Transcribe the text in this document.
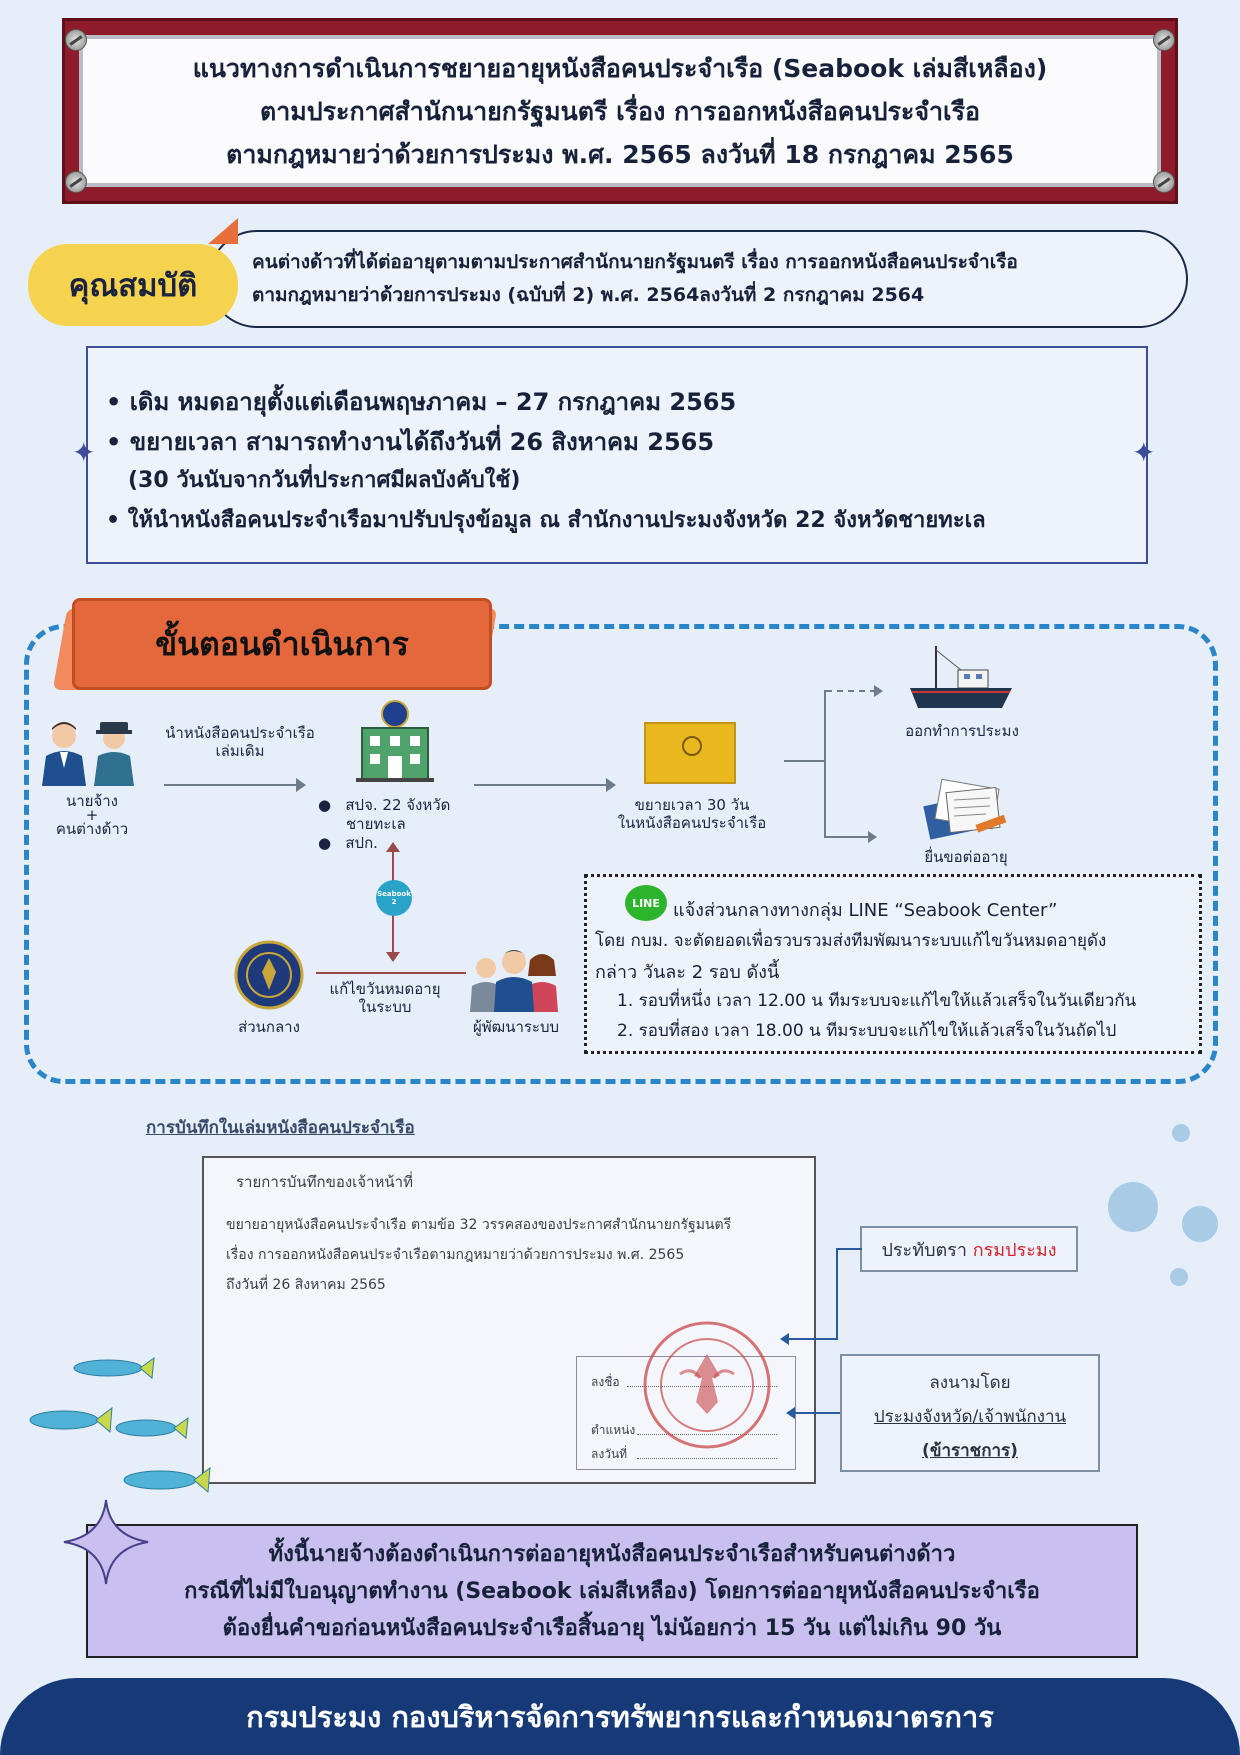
แนวทางการดำเนินการชยายอายุหนังสือคนประจำเรือ (Seabook เล่มสีเหลือง)
ตามประกาศสำนักนายกรัฐมนตรี เรื่อง การออกหนังสือคนประจำเรือ
ตามกฎหมายว่าด้วยการประมง พ.ศ. 2565 ลงวันที่ 18 กรกฎาคม 2565
คนต่างด้าวที่ได้ต่ออายุตามตามประกาศสำนักนายกรัฐมนตรี เรื่อง การออกหนังสือคนประจำเรือ
ตามกฎหมายว่าด้วยการประมง (ฉบับที่ 2) พ.ศ. 2564ลงวันที่ 2 กรกฎาคม 2564
คุณสมบัติ
• เดิม หมดอายุตั้งแต่เดือนพฤษภาคม – 27 กรกฎาคม 2565
• ขยายเวลา สามารถทำงานได้ถึงวันที่ 26 สิงหาคม 2565
(30 วันนับจากวันที่ประกาศมีผลบังคับใช้)
• ให้นำหนังสือคนประจำเรือมาปรับปรุงข้อมูล ณ สำนักงานประมงจังหวัด 22 จังหวัดชายทะเล
✦	✦
ขั้นตอนดำเนินการ
นายจ้าง
+
คนต่างด้าว
นำหนังสือคนประจำเรือ
เล่มเดิม
●   สปจ. 22 จังหวัด
ชายทะเล
●   สปก.
ขยายเวลา 30 วัน
ในหนังสือคนประจำเรือ
ออกทำการประมง
ยื่นขอต่ออายุ
Seabook 2
ส่วนกลาง
แก้ไขวันหมดอายุ
ในระบบ
ผู้พัฒนาระบบ
LINE แจ้งส่วนกลางทางกลุ่ม LINE “Seabook Center”
โดย กบม. จะตัดยอดเพื่อรวบรวมส่งทีมพัฒนาระบบแก้ไขวันหมดอายุดัง
กล่าว วันละ 2 รอบ ดังนี้
1. รอบที่หนึ่ง เวลา 12.00 น ทีมระบบจะแก้ไขให้แล้วเสร็จในวันเดียวกัน
2. รอบที่สอง เวลา 18.00 น ทีมระบบจะแก้ไขให้แล้วเสร็จในวันถัดไป
การบันทึกในเล่มหนังสือคนประจำเรือ
รายการบันทึกของเจ้าหน้าที่
ขยายอายุหนังสือคนประจำเรือ ตามข้อ 32 วรรคสองของประกาศสำนักนายกรัฐมนตรี
เรื่อง การออกหนังสือคนประจำเรือตามกฎหมายว่าด้วยการประมง พ.ศ. 2565
ถึงวันที่ 26 สิงหาคม 2565
ลงชื่อ
ตำแหน่ง
ลงวันที่
ประทับตรา
กรมประมง
ลงนามโดย
ประมงจังหวัด/เจ้าพนักงาน
(ข้าราชการ)
ทั้งนี้นายจ้างต้องดำเนินการต่ออายุหนังสือคนประจำเรือสำหรับคนต่างด้าว
กรณีที่ไม่มีใบอนุญาตทำงาน (Seabook เล่มสีเหลือง) โดยการต่ออายุหนังสือคนประจำเรือ
ต้องยื่นคำขอก่อนหนังสือคนประจำเรือสิ้นอายุ ไม่น้อยกว่า 15 วัน แต่ไม่เกิน 90 วัน
กรมประมง กองบริหารจัดการทรัพยากรและกำหนดมาตรการ
